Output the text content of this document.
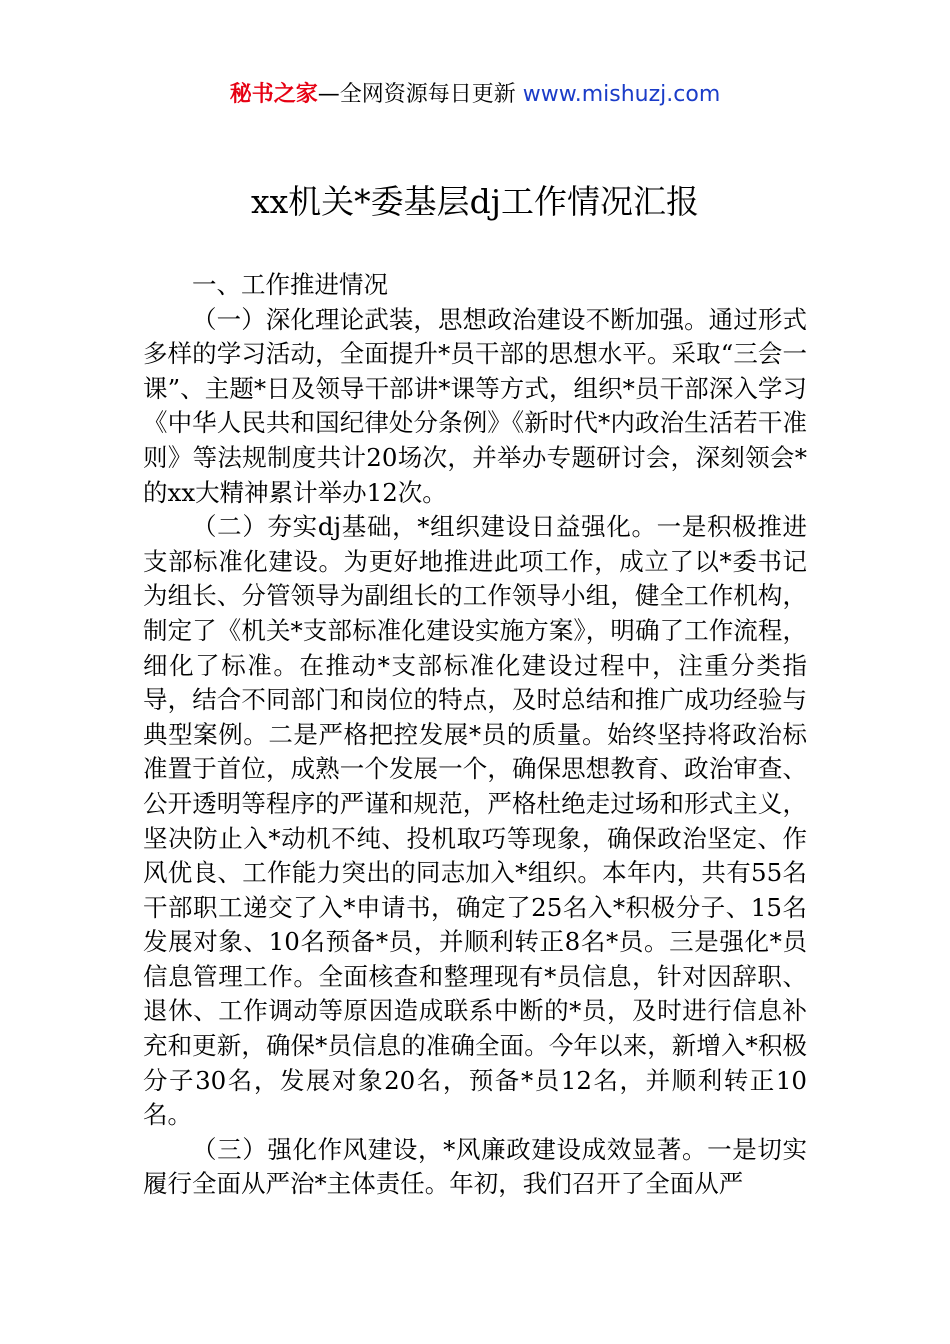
秘书之家—全网资源每日更新 www.mishuzj.com
xx机关*委基层dj工作情况汇报

一、工作推进情况

（一）深化理论武装，思想政治建设不断加强。通过形式多样的学习活动，全面提升*员干部的思想水平。采取“三会一课”、主题*日及领导干部讲*课等方式，组织*员干部深入学习《中华人民共和国纪律处分条例》《新时代*内政治生活若干准则》等法规制度共计20场次，并举办专题研讨会，深刻领会*的xx大精神累计举办12次。

（二）夯实dj基础，*组织建设日益强化。一是积极推进支部标准化建设。为更好地推进此项工作，成立了以*委书记为组长、分管领导为副组长的工作领导小组，健全工作机构，制定了《机关*支部标准化建设实施方案》，明确了工作流程，细化了标准。在推动*支部标准化建设过程中，注重分类指导，结合不同部门和岗位的特点，及时总结和推广成功经验与典型案例。二是严格把控发展*员的质量。始终坚持将政治标准置于首位，成熟一个发展一个，确保思想教育、政治审查、公开透明等程序的严谨和规范，严格杜绝走过场和形式主义，坚决防止入*动机不纯、投机取巧等现象，确保政治坚定、作风优良、工作能力突出的同志加入*组织。本年内，共有55名干部职工递交了入*申请书，确定了25名入*积极分子、15名发展对象、10名预备*员，并顺利转正8名*员。三是强化*员信息管理工作。全面核查和整理现有*员信息，针对因辞职、退休、工作调动等原因造成联系中断的*员，及时进行信息补充和更新，确保*员信息的准确全面。今年以来，新增入*积极分子30名，发展对象20名，预备*员12名，并顺利转正10名。

（三）强化作风建设，*风廉政建设成效显著。一是切实履行全面从严治*主体责任。年初，我们召开了全面从严
